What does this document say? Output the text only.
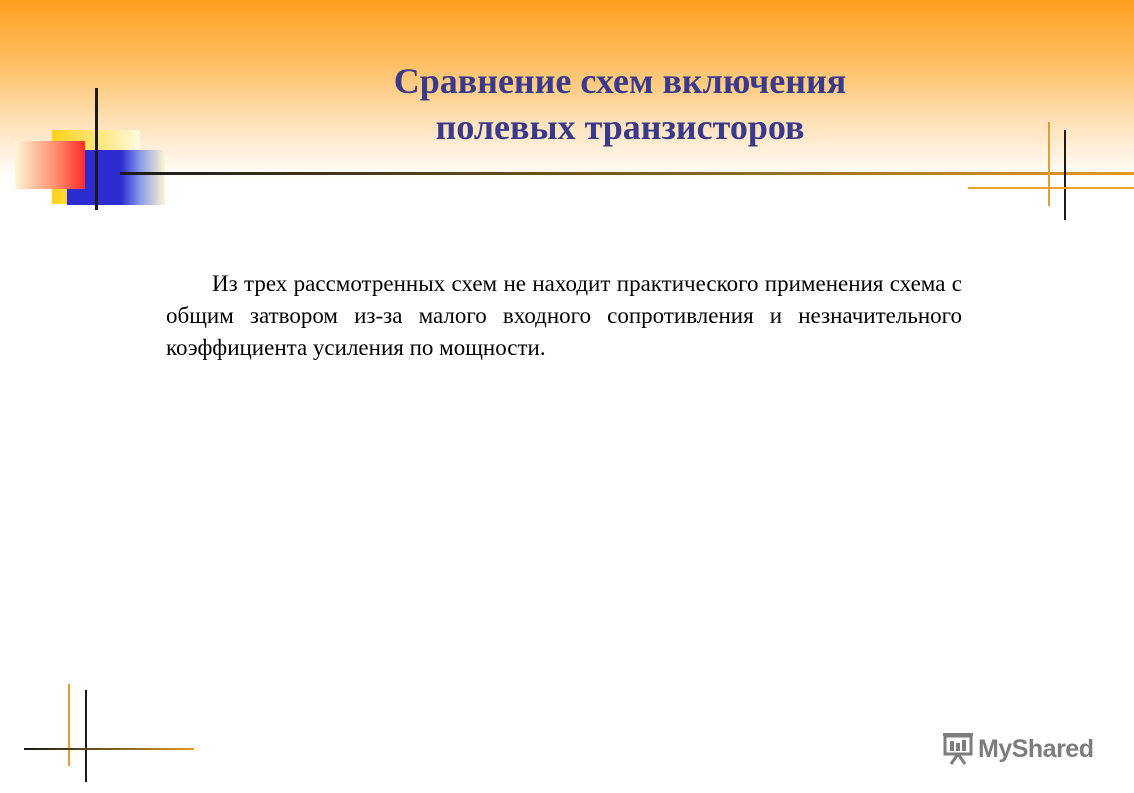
Сравнение схем включения
полевых транзисторов
Из трех рассмотренных схем не находит практического применения схема с общим затвором из-за малого входного сопротивления и незначительного коэффициента усиления по мощности.
MyShared
